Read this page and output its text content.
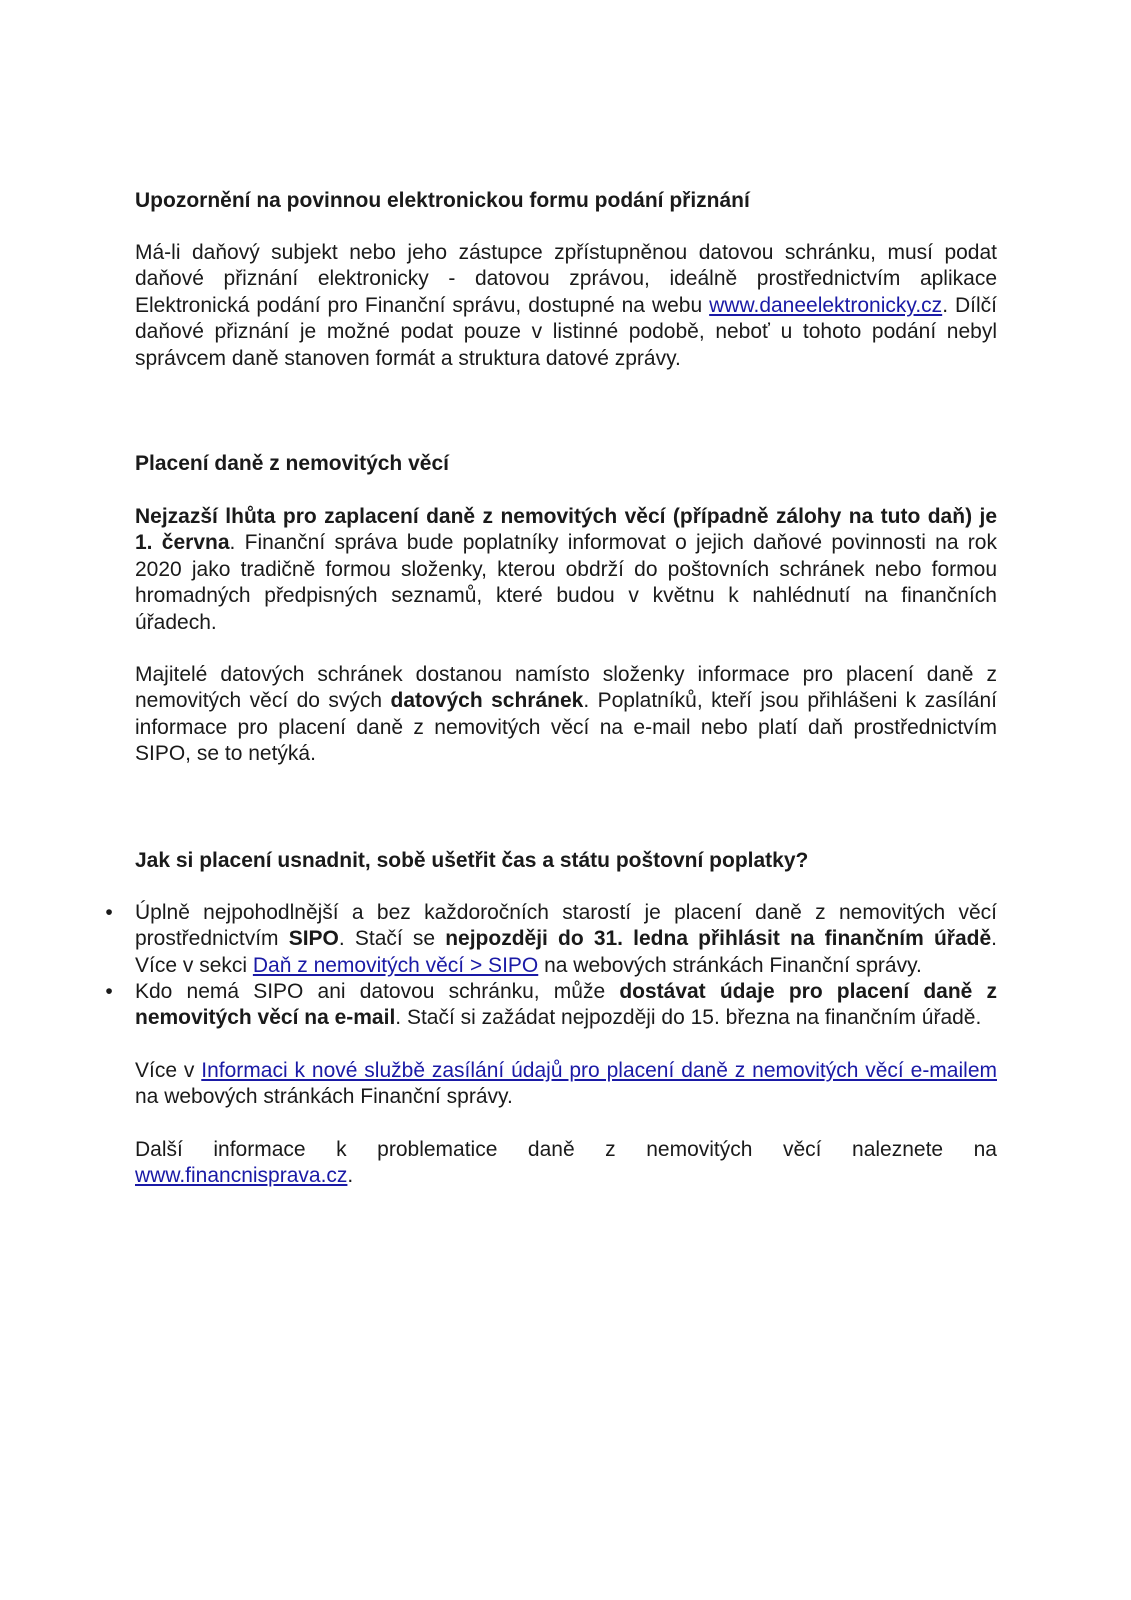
Upozornění na povinnou elektronickou formu podání přiznání

Má-li daňový subjekt nebo jeho zástupce zpřístupněnou datovou schránku, musí podat daňové přiznání elektronicky - datovou zprávou, ideálně prostřednictvím aplikace Elektronická podání pro Finanční správu, dostupné na webu www.daneelektronicky.cz. Dílčí daňové přiznání je možné podat pouze v listinné podobě, neboť u tohoto podání nebyl správcem daně stanoven formát a struktura datové zprávy.

Placení daně z nemovitých věcí

Nejzazší lhůta pro zaplacení daně z nemovitých věcí (případně zálohy na tuto daň) je 1. června. Finanční správa bude poplatníky informovat o jejich daňové povinnosti na rok 2020 jako tradičně formou složenky, kterou obdrží do poštovních schránek nebo formou hromadných předpisných seznamů, které budou v květnu k nahlédnutí na finančních úřadech.

Majitelé datových schránek dostanou namísto složenky informace pro placení daně z nemovitých věcí do svých datových schránek. Poplatníků, kteří jsou přihlášeni k zasílání informace pro placení daně z nemovitých věcí na e-mail nebo platí daň prostřednictvím SIPO, se to netýká.

Jak si placení usnadnit, sobě ušetřit čas a státu poštovní poplatky?
•	Úplně nejpohodlnější a bez každoročních starostí je placení daně z nemovitých věcí prostřednictvím SIPO. Stačí se nejpozději do 31. ledna přihlásit na finančním úřadě. Více v sekci Daň z nemovitých věcí > SIPO na webových stránkách Finanční správy.
•	Kdo nemá SIPO ani datovou schránku, může dostávat údaje pro placení daně z nemovitých věcí na e-mail. Stačí si zažádat nejpozději do 15. března na finančním úřadě.

Více v Informaci k nové službě zasílání údajů pro placení daně z nemovitých věcí e-mailem na webových stránkách Finanční správy.

Další informace k problematice daně z nemovitých věcí naleznete na www.financnisprava.cz.
